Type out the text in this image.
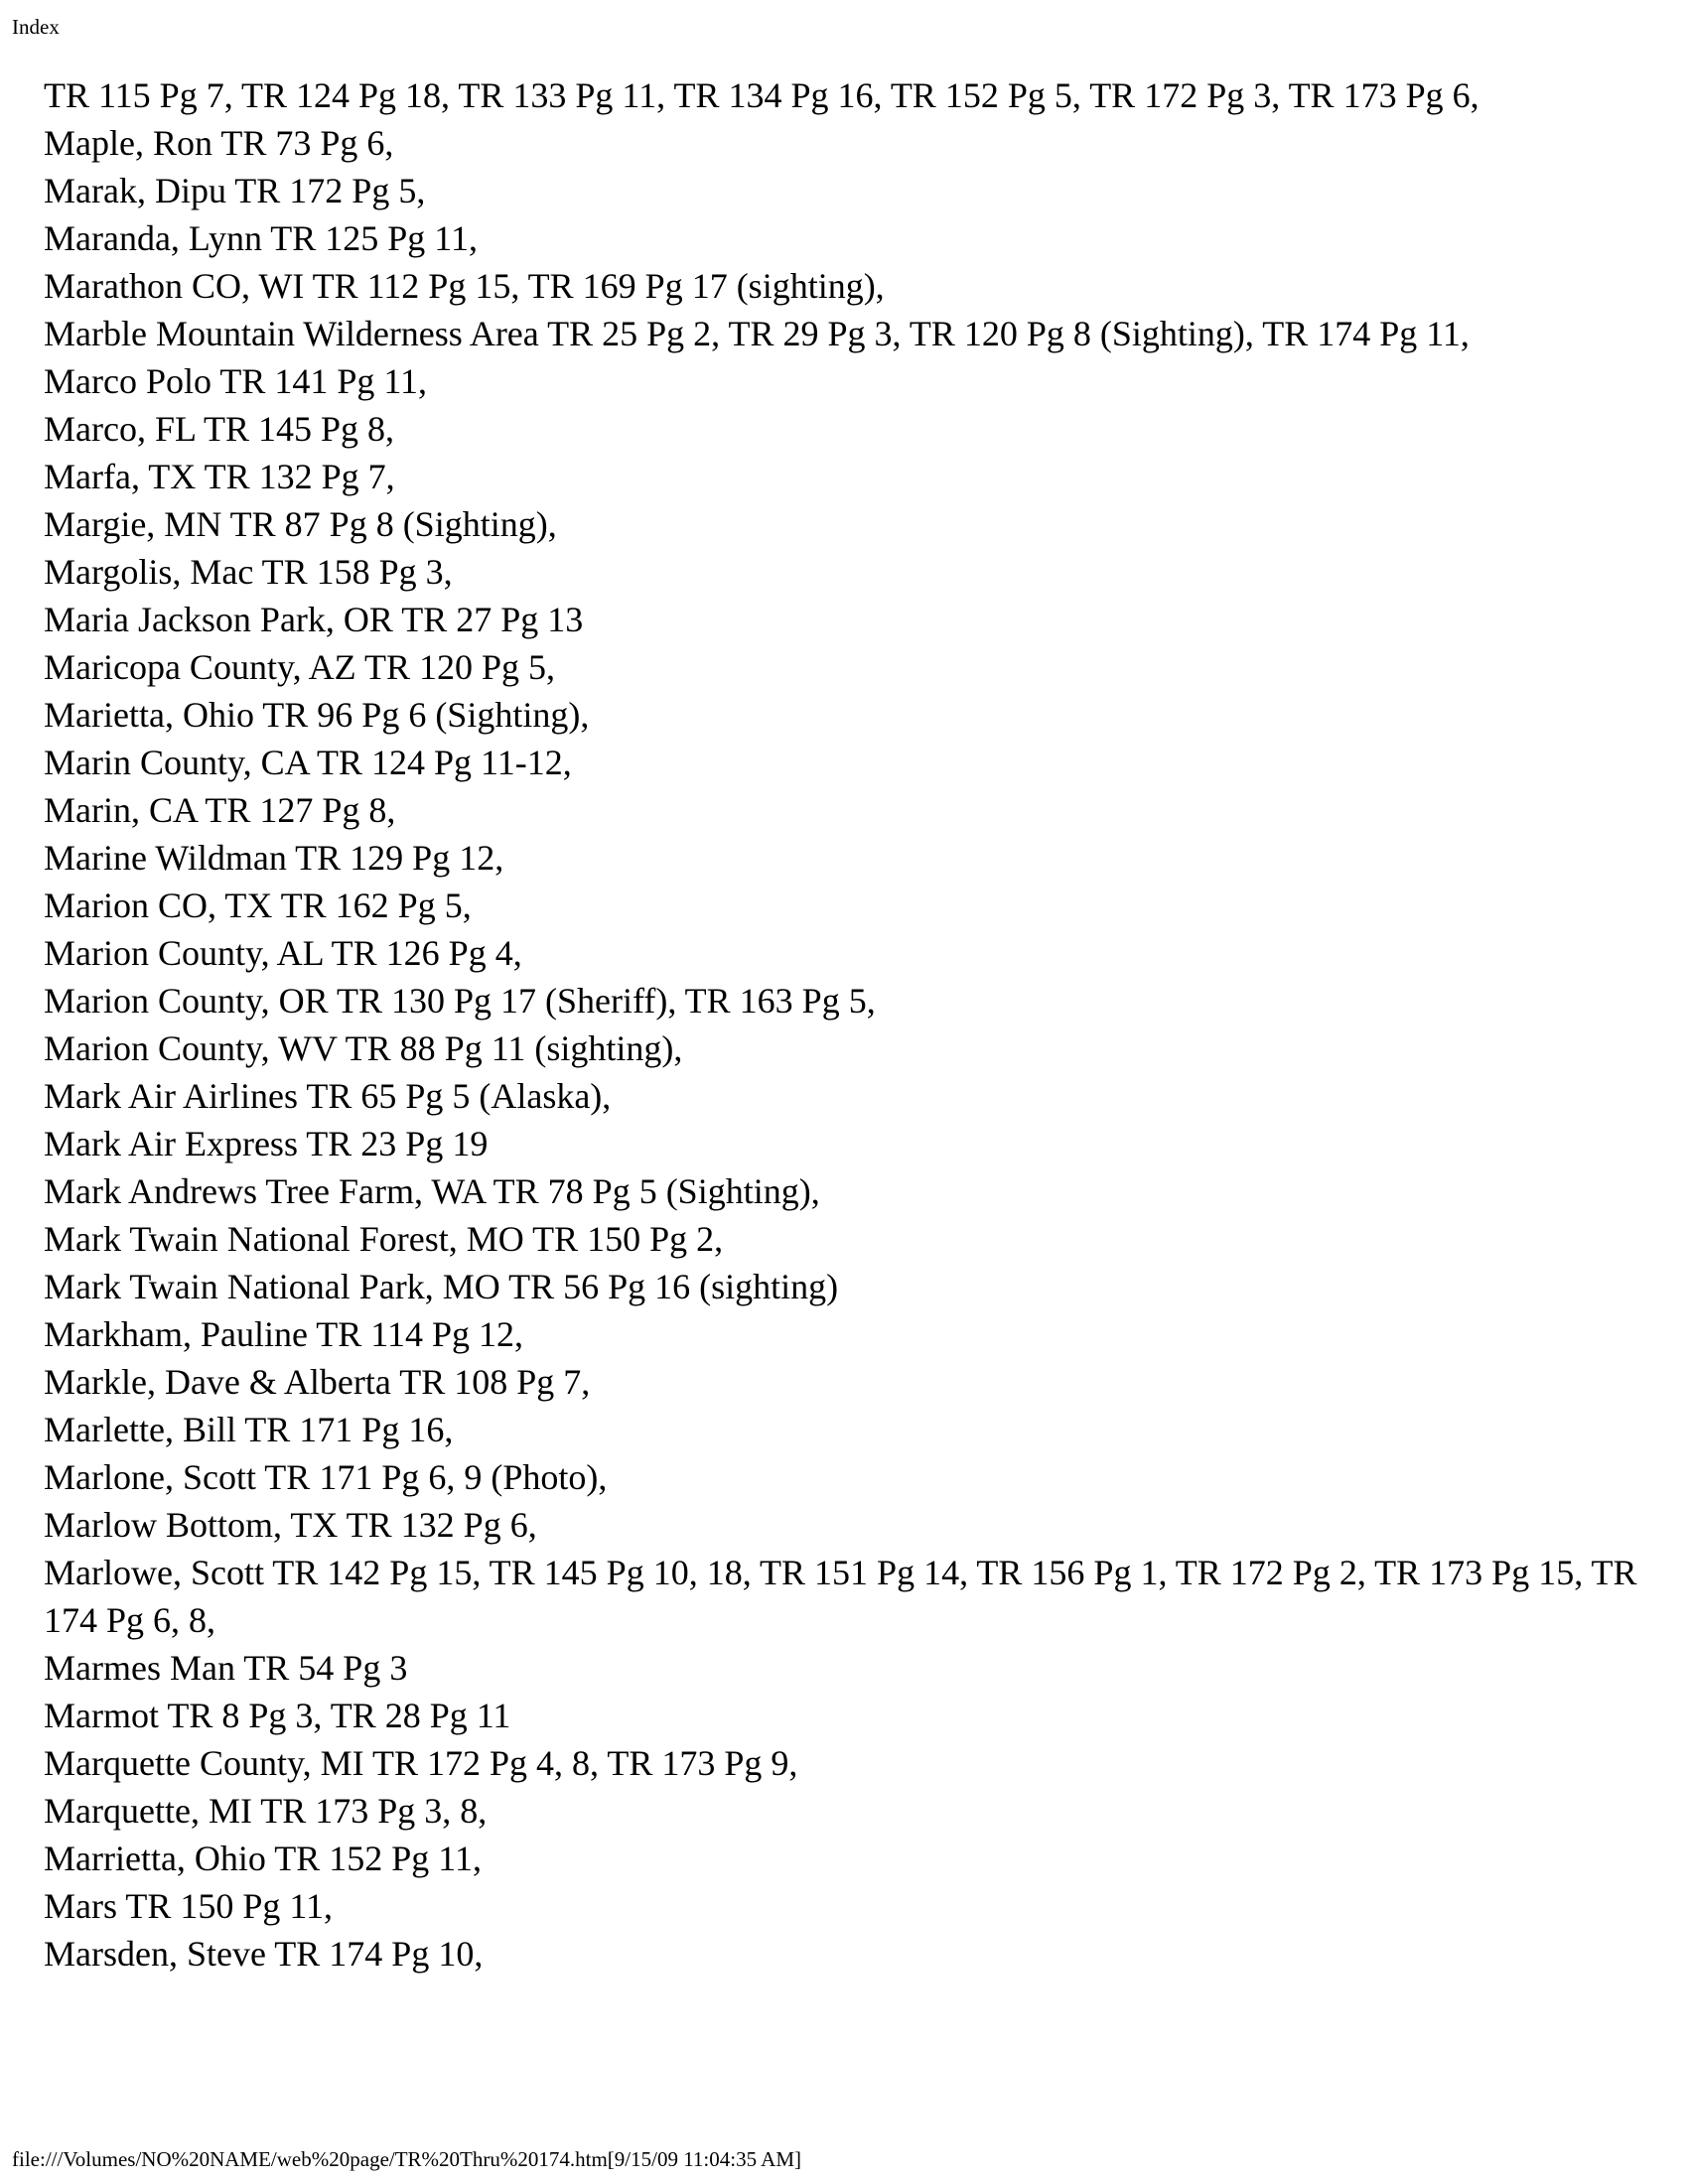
Index
TR 115 Pg 7, TR 124 Pg 18, TR 133 Pg 11, TR 134 Pg 16, TR 152 Pg 5, TR 172 Pg 3, TR 173 Pg 6,
Maple, Ron TR 73 Pg 6,
Marak, Dipu TR 172 Pg 5,
Maranda, Lynn TR 125 Pg 11,
Marathon CO, WI TR 112 Pg 15, TR 169 Pg 17 (sighting),
Marble Mountain Wilderness Area TR 25 Pg 2, TR 29 Pg 3, TR 120 Pg 8 (Sighting), TR 174 Pg 11,
Marco Polo TR 141 Pg 11,
Marco, FL TR 145 Pg 8,
Marfa, TX TR 132 Pg 7,
Margie, MN TR 87 Pg 8 (Sighting),
Margolis, Mac TR 158 Pg 3,
Maria Jackson Park, OR TR 27 Pg 13
Maricopa County, AZ TR 120 Pg 5,
Marietta, Ohio TR 96 Pg 6 (Sighting),
Marin County, CA TR 124 Pg 11-12,
Marin, CA TR 127 Pg 8,
Marine Wildman TR 129 Pg 12,
Marion CO, TX TR 162 Pg 5,
Marion County, AL TR 126 Pg 4,
Marion County, OR TR 130 Pg 17 (Sheriff), TR 163 Pg 5,
Marion County, WV TR 88 Pg 11 (sighting),
Mark Air Airlines TR 65 Pg 5 (Alaska),
Mark Air Express TR 23 Pg 19
Mark Andrews Tree Farm, WA TR 78 Pg 5 (Sighting),
Mark Twain National Forest, MO TR 150 Pg 2,
Mark Twain National Park, MO TR 56 Pg 16 (sighting)
Markham, Pauline TR 114 Pg 12,
Markle, Dave & Alberta TR 108 Pg 7,
Marlette, Bill TR 171 Pg 16,
Marlone, Scott TR 171 Pg 6, 9 (Photo),
Marlow Bottom, TX TR 132 Pg 6,
Marlowe, Scott TR 142 Pg 15, TR 145 Pg 10, 18, TR 151 Pg 14, TR 156 Pg 1, TR 172 Pg 2, TR 173 Pg 15, TR 174 Pg 6, 8,
Marmes Man TR 54 Pg 3
Marmot TR 8 Pg 3, TR 28 Pg 11
Marquette County, MI TR 172 Pg 4, 8, TR 173 Pg 9,
Marquette, MI TR 173 Pg 3, 8,
Marrietta, Ohio TR 152 Pg 11,
Mars TR 150 Pg 11,
Marsden, Steve TR 174 Pg 10,
file:///Volumes/NO%20NAME/web%20page/TR%20Thru%20174.htm[9/15/09 11:04:35 AM]
